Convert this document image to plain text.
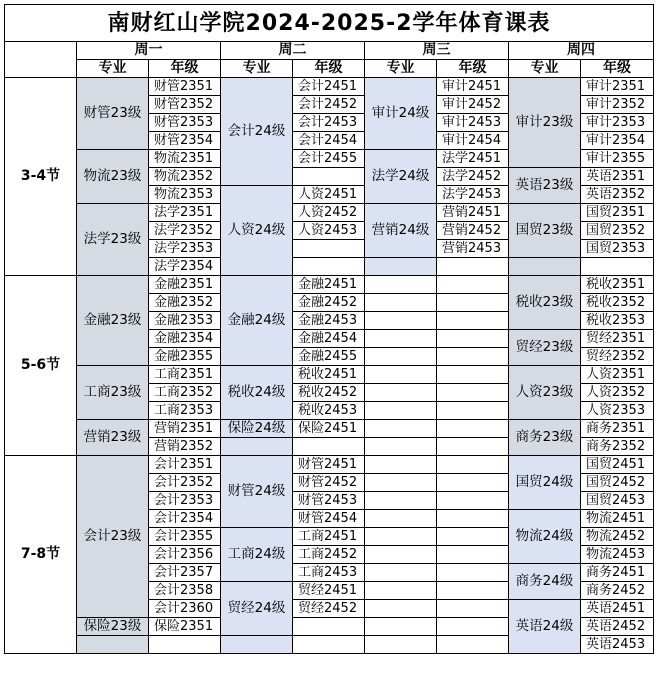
南财红山学院2024-2025-2学年体育课表								
	周一		周二		周三		周四	
	专业	年级	专业	年级	专业	年级	专业	年级
3-4节	财管23级	财管2351	会计24级	会计2451	审计24级	审计2451	审计23级	审计2351
		财管2352		会计2452		审计2452		审计2352
		财管2353		会计2453		审计2453		审计2353
		财管2354		会计2454		审计2454		审计2354
	物流23级	物流2351		会计2455	法学24级	法学2451		审计2355
		物流2352				法学2452	英语23级	英语2351
		物流2353	人资24级	人资2451		法学2453		英语2352
	法学23级	法学2351		人资2452	营销24级	营销2451	国贸23级	国贸2351
		法学2352		人资2453		营销2452		国贸2352
		法学2353				营销2453		国贸2353
		法学2354						
5-6节	金融23级	金融2351	金融24级	金融2451			税收23级	税收2351
		金融2352		金融2452				税收2352
		金融2353		金融2453				税收2353
		金融2354		金融2454			贸经23级	贸经2351
		金融2355		金融2455				贸经2352
	工商23级	工商2351	税收24级	税收2451			人资23级	人资2351
		工商2352		税收2452				人资2352
		工商2353		税收2453				人资2353
	营销23级	营销2351	保险24级	保险2451			商务23级	商务2351
		营销2352						商务2352
7-8节	会计23级	会计2351	财管24级	财管2451			国贸24级	国贸2451
		会计2352		财管2452				国贸2452
		会计2353		财管2453				国贸2453
		会计2354		财管2454			物流24级	物流2451
		会计2355	工商24级	工商2451				物流2452
		会计2356		工商2452				物流2453
		会计2357		工商2453			商务24级	商务2451
		会计2358	贸经24级	贸经2451				商务2452
		会计2360		贸经2452			英语24级	英语2451
	保险23级	保险2351						英语2452
								英语2453
